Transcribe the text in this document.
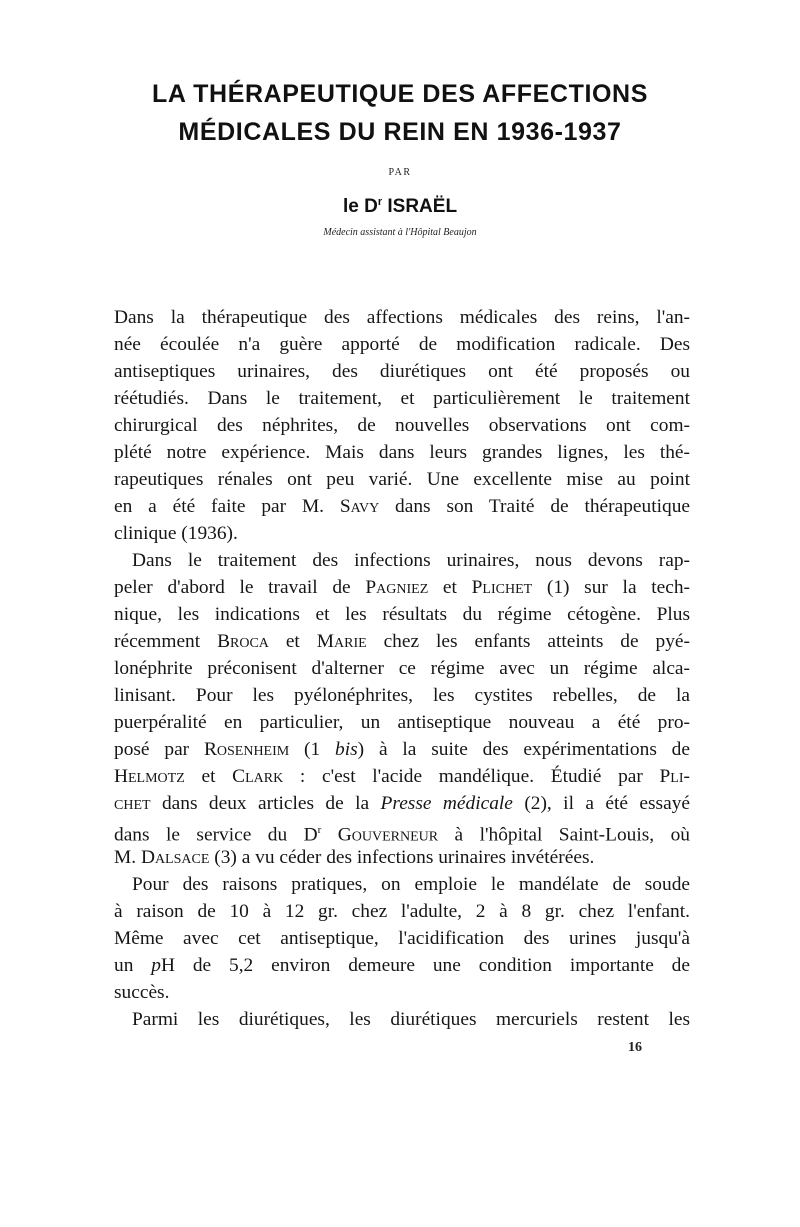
LA THÉRAPEUTIQUE DES AFFECTIONS
MÉDICALES DU REIN EN 1936-1937
PAR
le $D^r$ ISRAËL
Médecin assistant à l'Hôpital Beaujon
Dans la thérapeutique des affections médicales des reins, l'an-
née écoulée n'a guère apporté de modification radicale. Des
antiseptiques urinaires, des diurétiques ont été proposés ou
réétudiés. Dans le traitement, et particulièrement le traitement
chirurgical des néphrites, de nouvelles observations ont com-
plété notre expérience. Mais dans leurs grandes lignes, les thé-
rapeutiques rénales ont peu varié. Une excellente mise au point
en a été faite par M. Savy dans son Traité de thérapeutique
clinique (1936).
Dans le traitement des infections urinaires, nous devons rap-
peler d'abord le travail de Pagniez et Plichet (1) sur la tech-
nique, les indications et les résultats du régime cétogène. Plus
récemment Broca et Marie chez les enfants atteints de pyé-
lonéphrite préconisent d'alterner ce régime avec un régime alca-
linisant. Pour les pyélonéphrites, les cystites rebelles, de la
puerpéralité en particulier, un antiseptique nouveau a été pro-
posé par Rosenheim (1 bis) à la suite des expérimentations de
Helmotz et Clark : c'est l'acide mandélique. Étudié par Pli-
chet dans deux articles de la Presse médicale (2), il a été essayé
dans le service du $D^r$ Gouverneur à l'hôpital Saint-Louis, où
M. Dalsace (3) a vu céder des infections urinaires invétérées.
Pour des raisons pratiques, on emploie le mandélate de soude
à raison de 10 à 12 gr. chez l'adulte, 2 à 8 gr. chez l'enfant.
Même avec cet antiseptique, l'acidification des urines jusqu'à
un pH de 5,2 environ demeure une condition importante de
succès.
Parmi les diurétiques, les diurétiques mercuriels restent les
16
